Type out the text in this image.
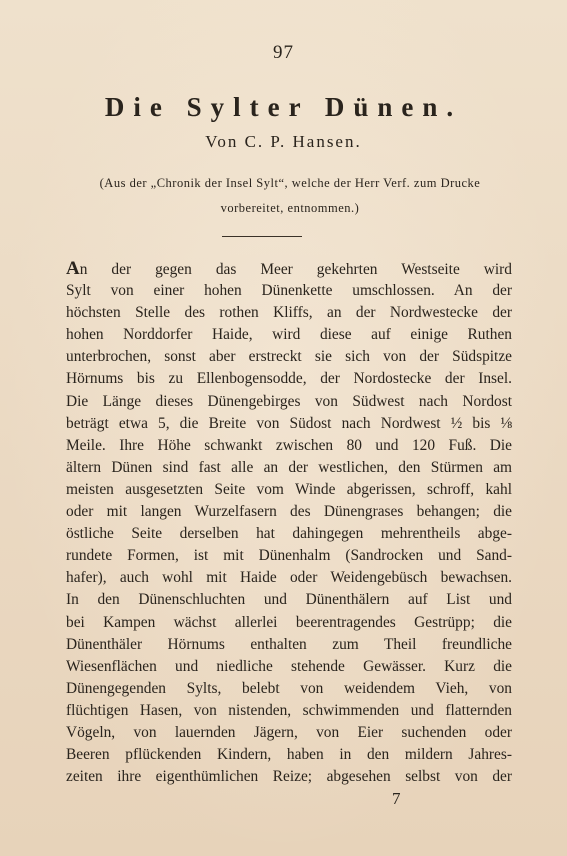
97
Die Sylter Dünen.
Von C. P. Hansen.
(Aus der „Chronik der Insel Sylt“, welche der Herr Verf. zum Drucke
vorbereitet, entnommen.)
An der gegen das Meer gekehrten Westseite wird
Sylt von einer hohen Dünenkette umschlossen. An der
höchsten Stelle des rothen Kliffs, an der Nordwestecke der
hohen Norddorfer Haide, wird diese auf einige Ruthen
unterbrochen, sonst aber erstreckt sie sich von der Südspitze
Hörnums bis zu Ellenbogensodde, der Nordostecke der Insel.
Die Länge dieses Dünengebirges von Südwest nach Nordost
beträgt etwa 5, die Breite von Südost nach Nordwest ½ bis ⅛
Meile. Ihre Höhe schwankt zwischen 80 und 120 Fuß. Die
ältern Dünen sind fast alle an der westlichen, den Stürmen am
meisten ausgesetzten Seite vom Winde abgerissen, schroff, kahl
oder mit langen Wurzelfasern des Dünengrases behangen; die
östliche Seite derselben hat dahingegen mehrentheils abge-
rundete Formen, ist mit Dünenhalm (Sandrocken und Sand-
hafer), auch wohl mit Haide oder Weidengebüsch bewachsen.
In den Dünenschluchten und Dünenthälern auf List und
bei Kampen wächst allerlei beerentragendes Gestrüpp; die
Dünenthäler Hörnums enthalten zum Theil freundliche
Wiesenflächen und niedliche stehende Gewässer. Kurz die
Dünengegenden Sylts, belebt von weidendem Vieh, von
flüchtigen Hasen, von nistenden, schwimmenden und flatternden
Vögeln, von lauernden Jägern, von Eier suchenden oder
Beeren pflückenden Kindern, haben in den mildern Jahres-
zeiten ihre eigenthümlichen Reize; abgesehen selbst von der
7
